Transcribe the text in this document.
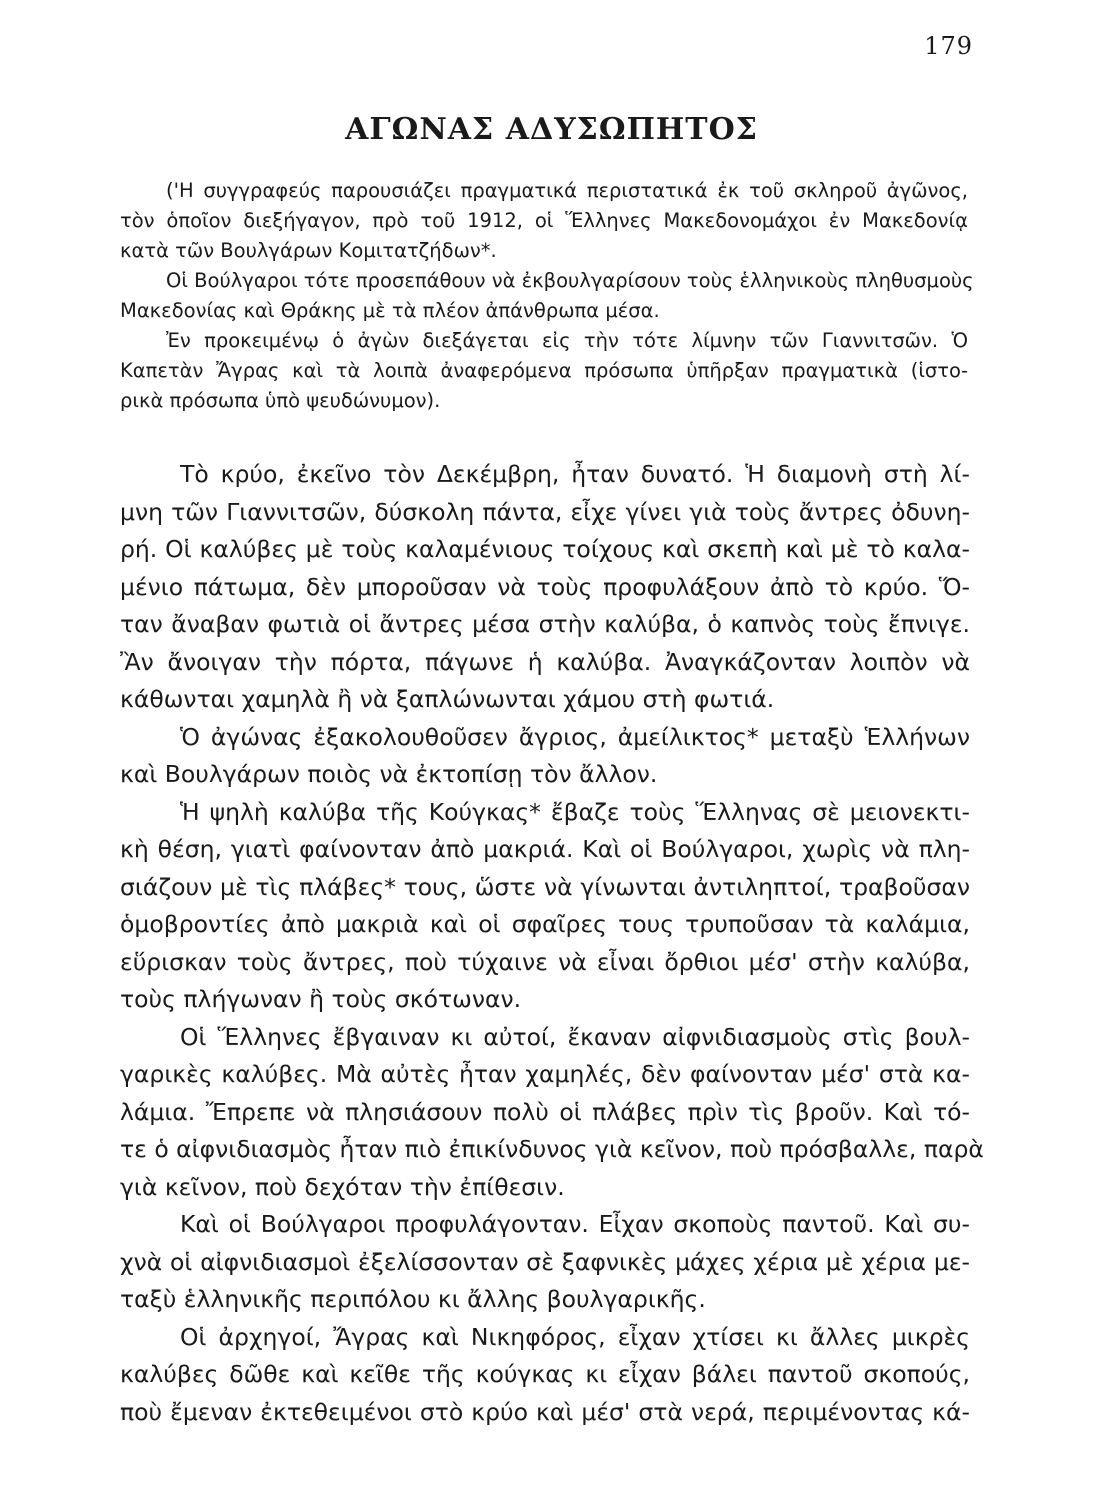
179
ΑΓΩΝΑΣ ΑΔΥΣΩΠΗΤΟΣ
('Η συγγραφεύς παρουσιάζει πραγματικά περιστατικά ἐκ τοῦ σκληροῦ ἀγῶνος,
τὸν ὁποῖον διεξήγαγον, πρὸ τοῦ 1912, οἱ Ἕλληνες Μακεδονομάχοι ἐν Μακεδονίᾳ
κατὰ τῶν Βουλγάρων Κομιτατζήδων*.
Οἱ Βούλγαροι τότε προσεπάθουν νὰ ἐκβουλγαρίσουν τοὺς ἑλληνικοὺς πληθυσμοὺς
Μακεδονίας καὶ Θράκης μὲ τὰ πλέον ἀπάνθρωπα μέσα.
Ἐν προκειμένῳ ὁ ἀγὼν διεξάγεται εἰς τὴν τότε λίμνην τῶν Γιαννιτσῶν. Ὁ
Καπετὰν Ἄγρας καὶ τὰ λοιπὰ ἀναφερόμενα πρόσωπα ὑπῆρξαν πραγματικὰ (ἱστο-
ρικὰ πρόσωπα ὑπὸ ψευδώνυμον).
Τὸ κρύο, ἐκεῖνο τὸν Δεκέμβρη, ἦταν δυνατό. Ἡ διαμονὴ στὴ λί-
μνη τῶν Γιαννιτσῶν, δύσκολη πάντα, εἶχε γίνει γιὰ τοὺς ἄντρες ὀδυνη-
ρή. Οἱ καλύβες μὲ τοὺς καλαμένιους τοίχους καὶ σκεπὴ καὶ μὲ τὸ καλα-
μένιο πάτωμα, δὲν μποροῦσαν νὰ τοὺς προφυλάξουν ἀπὸ τὸ κρύο. Ὅ-
ταν ἄναβαν φωτιὰ οἱ ἄντρες μέσα στὴν καλύβα, ὁ καπνὸς τοὺς ἔπνιγε.
Ἂν ἄνοιγαν τὴν πόρτα, πάγωνε ἡ καλύβα. Ἀναγκάζονταν λοιπὸν νὰ
κάθωνται χαμηλὰ ἢ νὰ ξαπλώνωνται χάμου στὴ φωτιά.
Ὁ ἀγώνας ἐξακολουθοῦσεν ἄγριος, ἀμείλικτος* μεταξὺ Ἑλλήνων
καὶ Βουλγάρων ποιὸς νὰ ἐκτοπίσῃ τὸν ἄλλον.
Ἡ ψηλὴ καλύβα τῆς Κούγκας* ἔβαζε τοὺς Ἕλληνας σὲ μειονεκτι-
κὴ θέση, γιατὶ φαίνονταν ἀπὸ μακριά. Καὶ οἱ Βούλγαροι, χωρὶς νὰ πλη-
σιάζουν μὲ τὶς πλάβες* τους, ὥστε νὰ γίνωνται ἀντιληπτοί, τραβοῦσαν
ὁμοβροντίες ἀπὸ μακριὰ καὶ οἱ σφαῖρες τους τρυποῦσαν τὰ καλάμια,
εὕρισκαν τοὺς ἄντρες, ποὺ τύχαινε νὰ εἶναι ὄρθιοι μέσ' στὴν καλύβα,
τοὺς πλήγωναν ἢ τοὺς σκότωναν.
Οἱ Ἕλληνες ἔβγαιναν κι αὐτοί, ἔκαναν αἰφνιδιασμοὺς στὶς βουλ-
γαρικὲς καλύβες. Μὰ αὐτὲς ἦταν χαμηλές, δὲν φαίνονταν μέσ' στὰ κα-
λάμια. Ἔπρεπε νὰ πλησιάσουν πολὺ οἱ πλάβες πρὶν τὶς βροῦν. Καὶ τό-
τε ὁ αἰφνιδιασμὸς ἦταν πιὸ ἐπικίνδυνος γιὰ κεῖνον, ποὺ πρόσβαλλε, παρὰ
γιὰ κεῖνον, ποὺ δεχόταν τὴν ἐπίθεσιν.
Καὶ οἱ Βούλγαροι προφυλάγονταν. Εἶχαν σκοποὺς παντοῦ. Καὶ συ-
χνὰ οἱ αἰφνιδιασμοὶ ἐξελίσσονταν σὲ ξαφνικὲς μάχες χέρια μὲ χέρια με-
ταξὺ ἑλληνικῆς περιπόλου κι ἄλλης βουλγαρικῆς.
Οἱ ἀρχηγοί, Ἄγρας καὶ Νικηφόρος, εἶχαν χτίσει κι ἄλλες μικρὲς
καλύβες δῶθε καὶ κεῖθε τῆς κούγκας κι εἶχαν βάλει παντοῦ σκοπούς,
ποὺ ἔμεναν ἐκτεθειμένοι στὸ κρύο καὶ μέσ' στὰ νερά, περιμένοντας κά-
